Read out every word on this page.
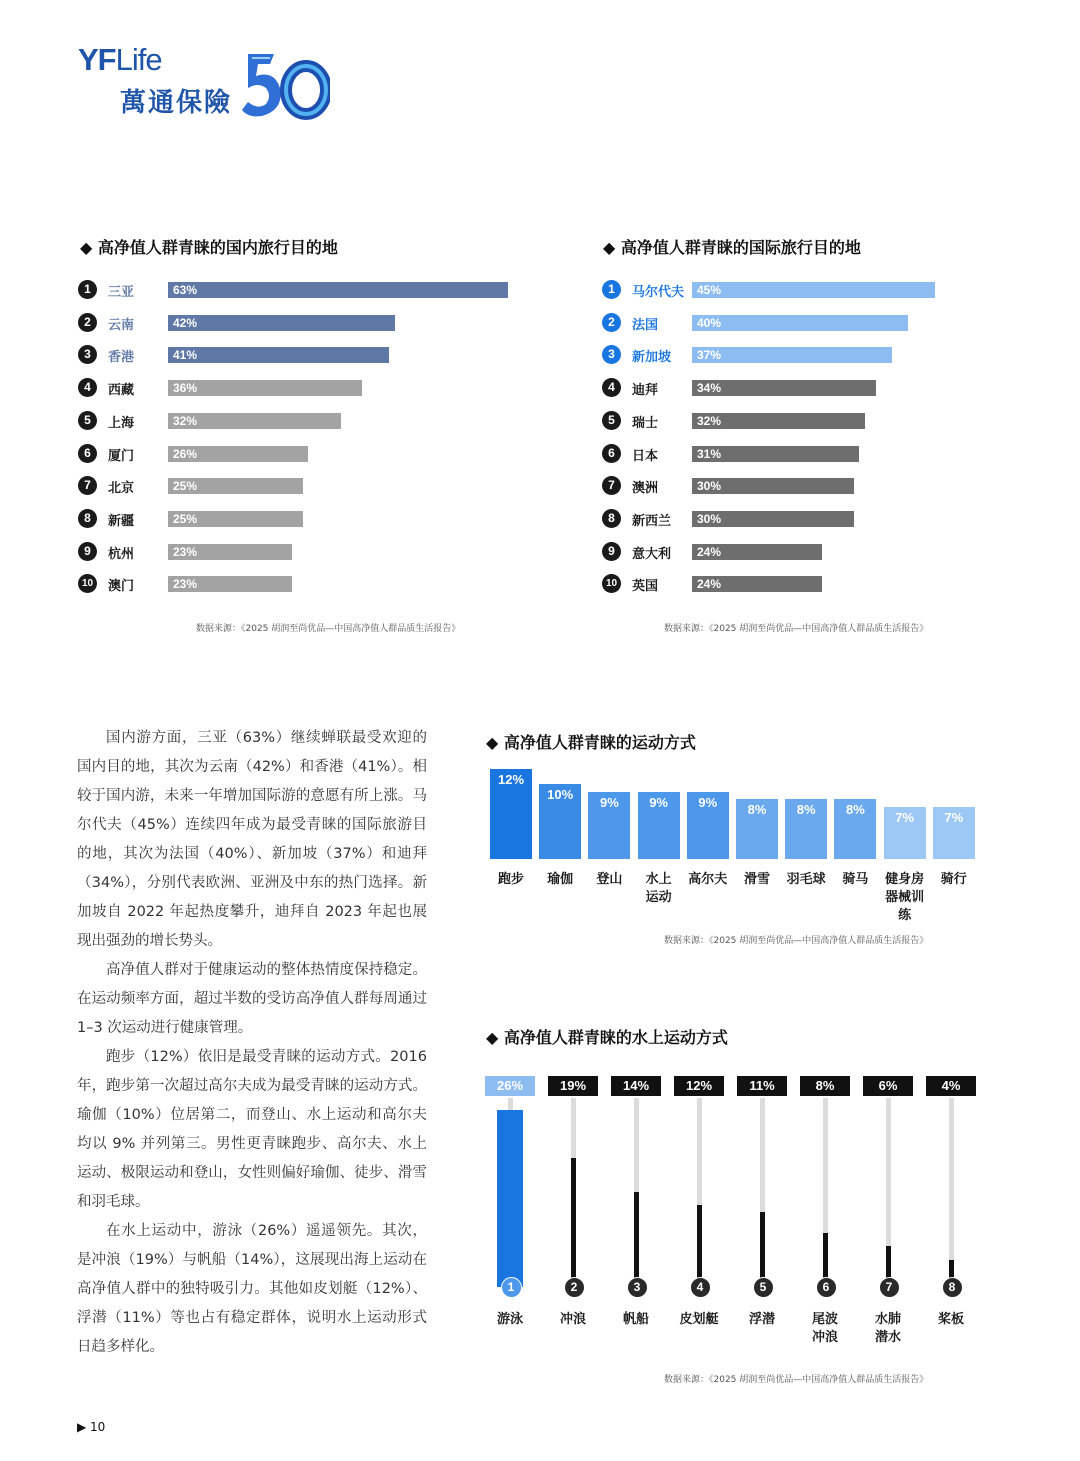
YFLife
萬通保險
◆ 高净值人群青睐的国内旅行目的地
1	三亚	63%
2	云南	42%
3	香港	41%
4	西藏	36%
5	上海	32%
6	厦门	26%
7	北京	25%
8	新疆	25%
9	杭州	23%
10	澳门	23%
数据来源：《2025 胡润至尚优品—中国高净值人群品质生活报告》
◆ 高净值人群青睐的国际旅行目的地
1	马尔代夫 45%
2	法国	40%
3	新加坡 37%
4	迪拜	34%
5	瑞士	32%
6	日本	31%
7	澳洲	30%
8	新西兰 30%
9	意大利 24%
10	英国	24%
数据来源：《2025 胡润至尚优品—中国高净值人群品质生活报告》

国内游方面，三亚（63%）继续蝉联最受欢迎的国内目的地，其次为云南（42%）和香港（41%）。相较于国内游，未来一年增加国际游的意愿有所上涨。马尔代夫（45%）连续四年成为最受青睐的国际旅游目的地，其次为法国（40%）、新加坡（37%）和迪拜（34%），分别代表欧洲、亚洲及中东的热门选择。新加坡自 2022 年起热度攀升，迪拜自 2023 年起也展现出强劲的增长势头。

高净值人群对于健康运动的整体热情度保持稳定。在运动频率方面，超过半数的受访高净值人群每周通过 1–3 次运动进行健康管理。

跑步（12%）依旧是最受青睐的运动方式。2016 年，跑步第一次超过高尔夫成为最受青睐的运动方式。瑜伽（10%）位居第二，而登山、水上运动和高尔夫均以 9% 并列第三。男性更青睐跑步、高尔夫、水上运动、极限运动和登山，女性则偏好瑜伽、徒步、滑雪和羽毛球。

在水上运动中，游泳（26%）遥遥领先。其次，是冲浪（19%）与帆船（14%），这展现出海上运动在高净值人群中的独特吸引力。其他如皮划艇（12%）、浮潜（11%）等也占有稳定群体，说明水上运动形式日趋多样化。

◆ 高净值人群青睐的运动方式
12%
跑步
10%
瑜伽
9%
登山
9%
水上
运动
9%
高尔夫
8%
滑雪
8%
羽毛球
8%
骑马
7%
健身房
器械训练
7%
骑行
数据来源：《2025 胡润至尚优品—中国高净值人群品质生活报告》
◆ 高净值人群青睐的水上运动方式
26%
1
游泳
19%
2
冲浪
14%
3
帆船
12%
4
皮划艇
11%
5
浮潜
8%
6
尾波
冲浪
6%
7
水肺
潜水
4%
8
桨板
数据来源：《2025 胡润至尚优品—中国高净值人群品质生活报告》
▶ 10
